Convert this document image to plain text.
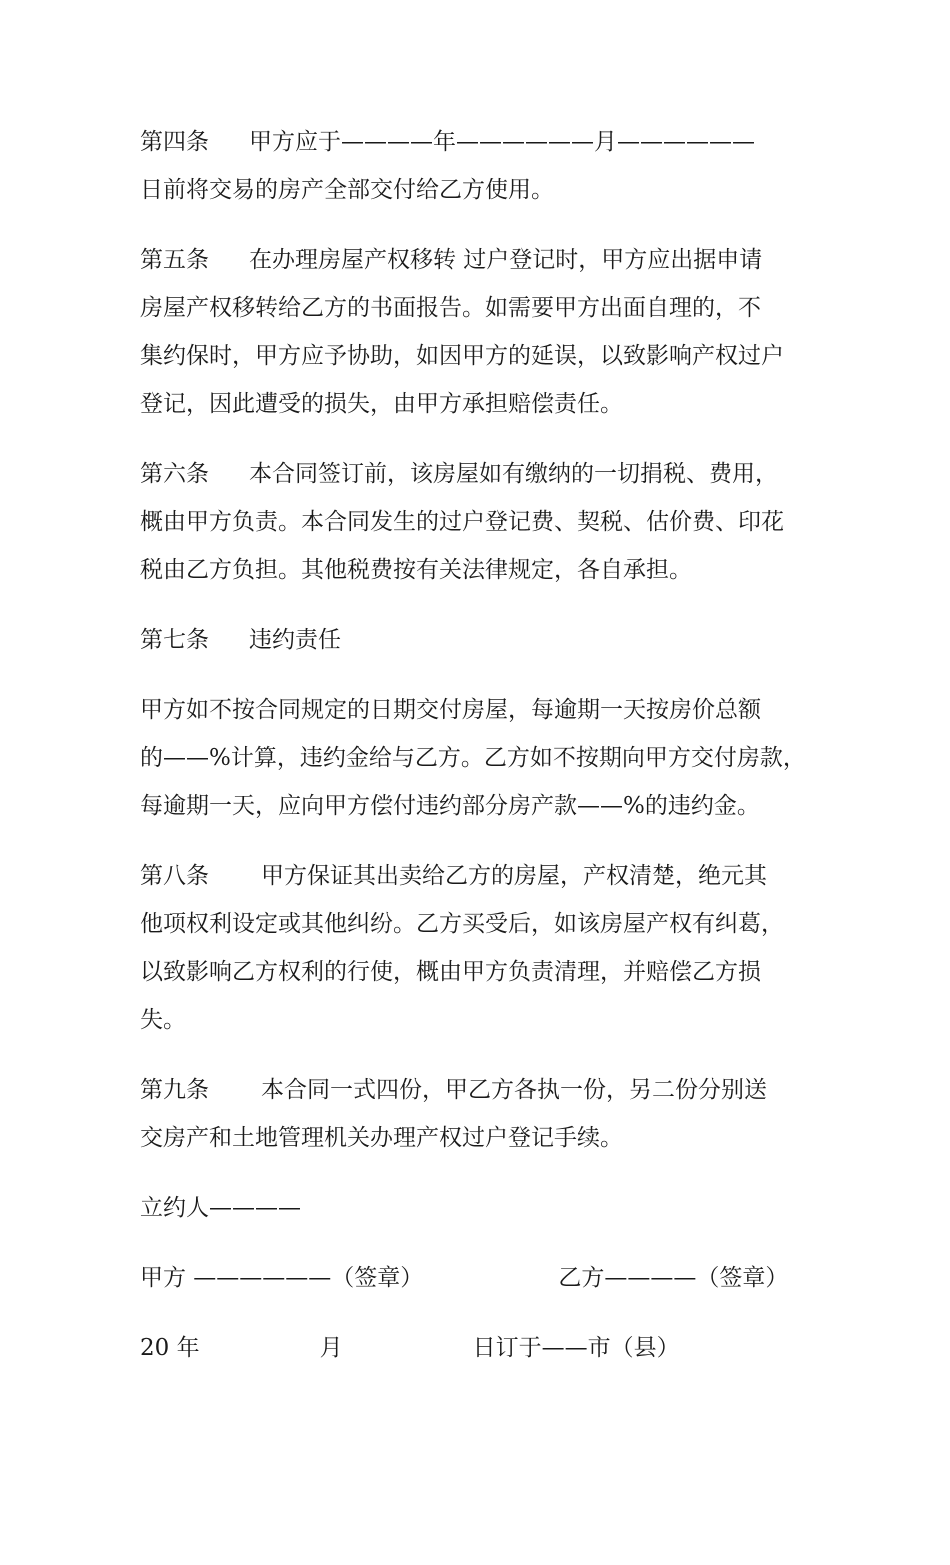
第四条 甲方应于————年——————月——————
日前将交易的房产全部交付给乙方使用。
第五条 在办理房屋产权移转 过户登记时，甲方应出据申请
房屋产权移转给乙方的书面报告。如需要甲方出面自理的，不
集约保时，甲方应予协助，如因甲方的延误，以致影响产权过户
登记，因此遭受的损失，由甲方承担赔偿责任。
第六条 本合同签订前，该房屋如有缴纳的一切捐税、费用，
概由甲方负责。本合同发生的过户登记费、契税、估价费、印花
税由乙方负担。其他税费按有关法律规定，各自承担。
第七条 违约责任
甲方如不按合同规定的日期交付房屋，每逾期一天按房价总额
的——%计算，违约金给与乙方。乙方如不按期向甲方交付房款，
每逾期一天，应向甲方偿付违约部分房产款——%的违约金。
第八条 甲方保证其出卖给乙方的房屋，产权清楚，绝元其
他项权利设定或其他纠纷。乙方买受后，如该房屋产权有纠葛，
以致影响乙方权利的行使，概由甲方负责清理，并赔偿乙方损
失。
第九条 本合同一式四份，甲乙方各执一份，另二份分别送
交房产和土地管理机关办理产权过户登记手续。
立约人————
甲方 ——————（签章）	乙方————（签章）
20 年	月	日订于——市（县）
